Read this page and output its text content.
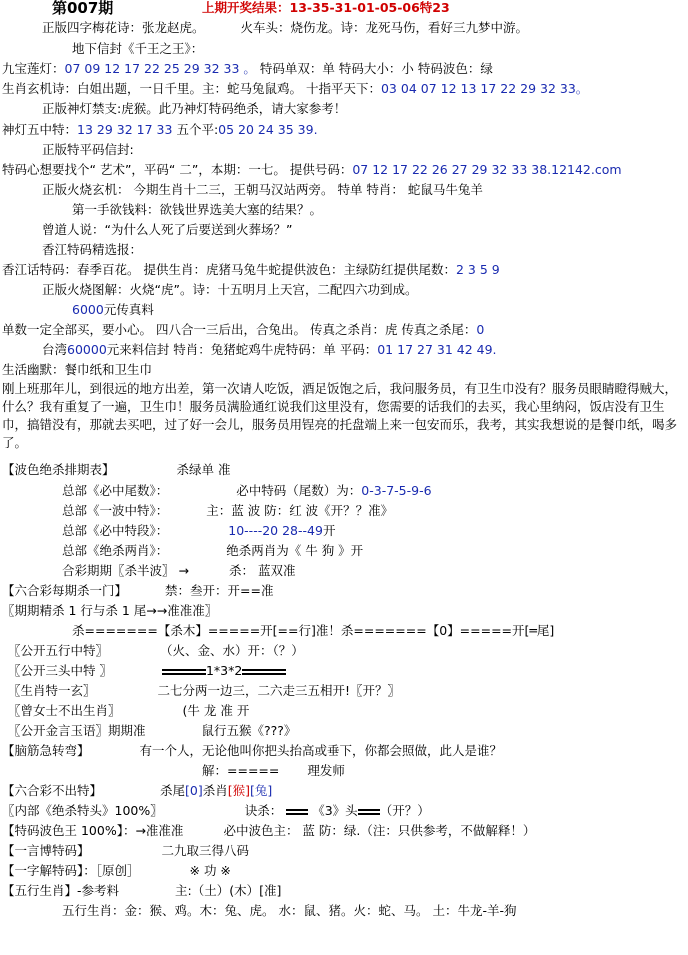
第007期	上期开奖结果：13-35-31-01-05-06特23
正版四字梅花诗：张龙赵虎。	火车头：烧伤龙。诗：龙死马伤，看好三九梦中游。
地下信封《千王之王》：
九宝莲灯：07 09 12 17 22 25 29 32 33 。 特码单双：单 特码大小：小 特码波色：绿
生肖玄机诗：白姐出题，一日千里。主：蛇马兔鼠鸡。 十指平天下：03 04 07 12 13 17 22 29 32 33。
正版神灯禁支:虎猴。此乃神灯特码绝杀，请大家参考！
神灯五中特：13 29 32 17 33 五个平:05 20 24 35 39.
正版特平码信封:
特码心想要找个“ 艺术”，平码“ 二”，本期：一七。 提供号码：07 12 17 22 26 27 29 32 33 38.12142.com
正版火烧玄机： 今期生肖十二三，王朝马汉站两旁。 特单 特肖： 蛇鼠马牛兔羊
第一手欲钱料：欲钱世界选美大塞的结果？。
曾道人说：“为什么人死了后要送到火葬场？”
香江特码精选报：
香江话特码：春季百花。 提供生肖：虎猪马兔牛蛇提供波色：主绿防红提供尾数：2 3 5 9
正版火烧图解：火烧“虎”。诗：十五明月上天宫，二配四六功到成。
6000元传真料
单数一定全部买，要小心。 四八合一三后出，合兔出。 传真之杀肖：虎 传真之杀尾：0
台湾60000元来料信封 特肖：兔猪蛇鸡牛虎特码：单 平码：01 17 27 31 42 49.
生活幽默：餐巾纸和卫生巾
刚上班那年儿，到很远的地方出差，第一次请人吃饭，酒足饭饱之后，我问服务员，有卫生巾没有？服务员眼睛瞪得贼大，什么？我有重复了一遍，卫生巾！服务员满脸通红说我们这里没有，您需要的话我们的去买，我心里纳闷，饭店没有卫生巾，搞错没有，那就去买吧，过了好一会儿，服务员用锃亮的托盘端上来一包安而乐，我考，其实我想说的是餐巾纸，喝多了。
【波色绝杀排期表】	杀绿单 准
总部《必中尾数》：	必中特码（尾数）为：0-3-7-5-9-6
总部《一波中特》：	主：蓝 波 防：红 波《开？？准》
总部《必中特段》：	10----20 28--49开
总部《绝杀两肖》：	绝杀两肖为《 牛 狗 》开
合彩期期〖杀半波〗 →	杀： 蓝双准
【六合彩每期杀一门】	禁：叁开：开==准
〖期期精杀 1 行与杀 1 尾→→准准准〗
杀=======【杀木】=====开[==行]准！杀=======【0】=====开[═尾]
〖公开五行中特〗	（火、金、水）开：（？）
〖公开三头中特 〗	1*3*2
〖生肖特一玄〗	二七分两一边三，二六走三五相开!〖开？〗
〖曾女士不出生肖〗	(牛 龙 准 开
〖公开金言玉语〗期期准	鼠行五猴《???》
【脑筋急转弯】	有一个人，无论他叫你把头抬高或垂下，你都会照做，此人是谁？
解：===== 理发师
【六合彩不出特】	杀尾[0]杀肖[猴][兔]
〖内部《绝杀特头》100%〗	诀杀： 《3》头 （开？）
【特码波色王 100%】：→准准准	必中波色主： 蓝 防：绿.（注：只供参考，不做解释！）
【一言博特码】	二九取三得八码
【一字解特码】：［原创］	※ 功 ※
【五行生肖】-参考料	主:（土）(木）[准]
五行生肖：金：猴、鸡。木：兔、虎。 水：鼠、猪。火：蛇、马。 土：牛龙-羊-狗
